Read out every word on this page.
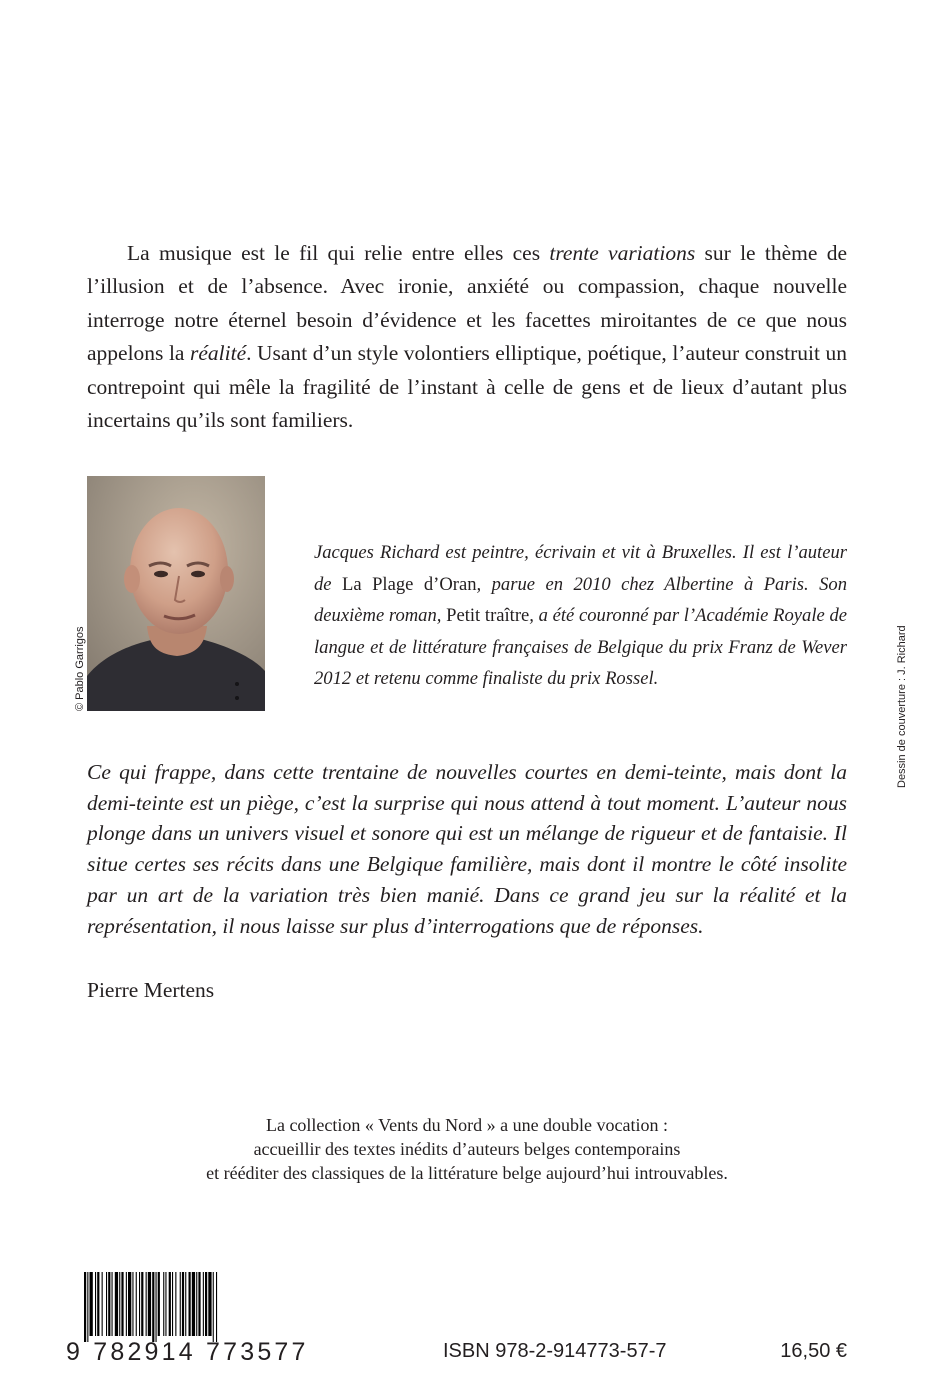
La musique est le fil qui relie entre elles ces trente variations sur le thème de l’illusion et de l’absence. Avec ironie, anxiété ou compassion, chaque nouvelle interroge notre éternel besoin d’évidence et les facettes miroitantes de ce que nous appelons la réalité. Usant d’un style volontiers elliptique, poétique, l’auteur construit un contrepoint qui mêle la fragilité de l’instant à celle de gens et de lieux d’autant plus incertains qu’ils sont familiers.

© Pablo Garrigos

Jacques Richard est peintre, écrivain et vit à Bruxelles. Il est l’auteur de La Plage d’Oran, parue en 2010 chez Albertine à Paris. Son deuxième roman, Petit traître, a été couronné par l’Académie Royale de langue et de littérature françaises de Belgique du prix Franz de Wever 2012 et retenu comme finaliste du prix Rossel.	Dessin de couverture : J. Richard

Ce qui frappe, dans cette trentaine de nouvelles courtes en demi-teinte, mais dont la demi-teinte est un piège, c’est la surprise qui nous attend à tout moment. L’auteur nous plonge dans un univers visuel et sonore qui est un mélange de rigueur et de fantaisie. Il situe certes ses récits dans une Belgique familière, mais dont il montre le côté insolite par un art de la variation très bien manié. Dans ce grand jeu sur la réalité et la représentation, il nous laisse sur plus d’interrogations que de réponses.

Pierre Mertens

La collection « Vents du Nord » a une double vocation :
accueillir des textes inédits d’auteurs belges contemporains
et rééditer des classiques de la littérature belge aujourd’hui introuvables.
9 782914 773577	ISBN 978-2-914773-57-7	16,50 €
